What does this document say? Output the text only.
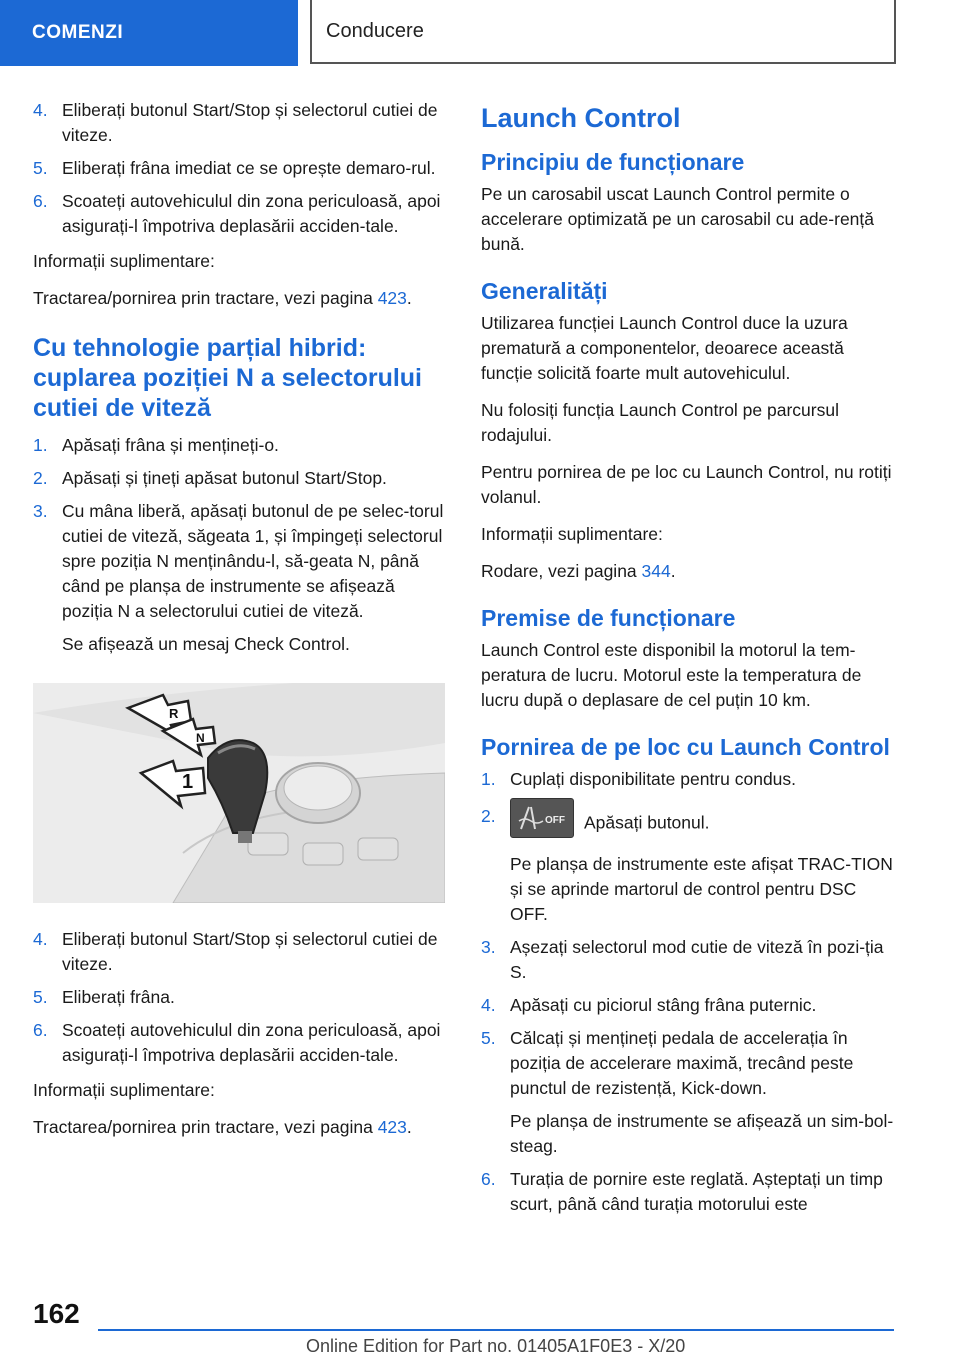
COMENZI	Conducere
4. Eliberați butonul Start/Stop și selectorul cutiei de viteze.
5. Eliberați frâna imediat ce se oprește demaro-rul.
6. Scoateți autovehiculul din zona periculoasă, apoi asigurați-l împotriva deplasării acciden-tale.

Informații suplimentare:

Tractarea/pornirea prin tractare, vezi pagina 423.

Cu tehnologie parțial hibrid: cuplarea poziției N a selectorului cutiei de viteză
1. Apăsați frâna și mențineți-o.
2. Apăsați și țineți apăsat butonul Start/Stop.
3. Cu mâna liberă, apăsați butonul de pe selec-torul cutiei de viteză, săgeata 1, și împingeți selectorul spre poziția N menținându-l, să-geata N, până când pe planșa de instrumente se afișează poziția N a selectorului cutiei de viteză.
Se afișează un mesaj Check Control.
R
N
1
4. Eliberați butonul Start/Stop și selectorul cutiei de viteze.
5. Eliberați frâna.
6. Scoateți autovehiculul din zona periculoasă, apoi asigurați-l împotriva deplasării acciden-tale.

Informații suplimentare:

Tractarea/pornirea prin tractare, vezi pagina 423.

Launch Control
Principiu de funcționare

Pe un carosabil uscat Launch Control permite o accelerare optimizată pe un carosabil cu ade-rență bună.

Generalități

Utilizarea funcției Launch Control duce la uzura prematură a componentelor, deoarece această funcție solicită foarte mult autovehiculul.

Nu folosiți funcția Launch Control pe parcursul rodajului.

Pentru pornirea de pe loc cu Launch Control, nu rotiți volanul.

Informații suplimentare:

Rodare, vezi pagina 344.

Premise de funcționare

Launch Control este disponibil la motorul la tem-peratura de lucru. Motorul este la temperatura de lucru după o deplasare de cel puțin 10 km.

Pornirea de pe loc cu Launch Control
1. Cuplați disponibilitate pentru condus.
2.	OFF Apăsați butonul.
Pe planșa de instrumente este afișat TRAC-TION și se aprinde martorul de control pentru DSC OFF.
3. Așezați selectorul mod cutie de viteză în pozi-ția S.
4. Apăsați cu piciorul stâng frâna puternic.
5. Călcați și mențineți pedala de accelerația în poziția de accelerare maximă, trecând peste punctul de rezistență, Kick-down.
Pe planșa de instrumente se afișează un sim-bol-steag.
6. Turația de pornire este reglată. Așteptați un timp scurt, până când turația motorului este
162
Online Edition for Part no. 01405A1F0E3 - X/20
